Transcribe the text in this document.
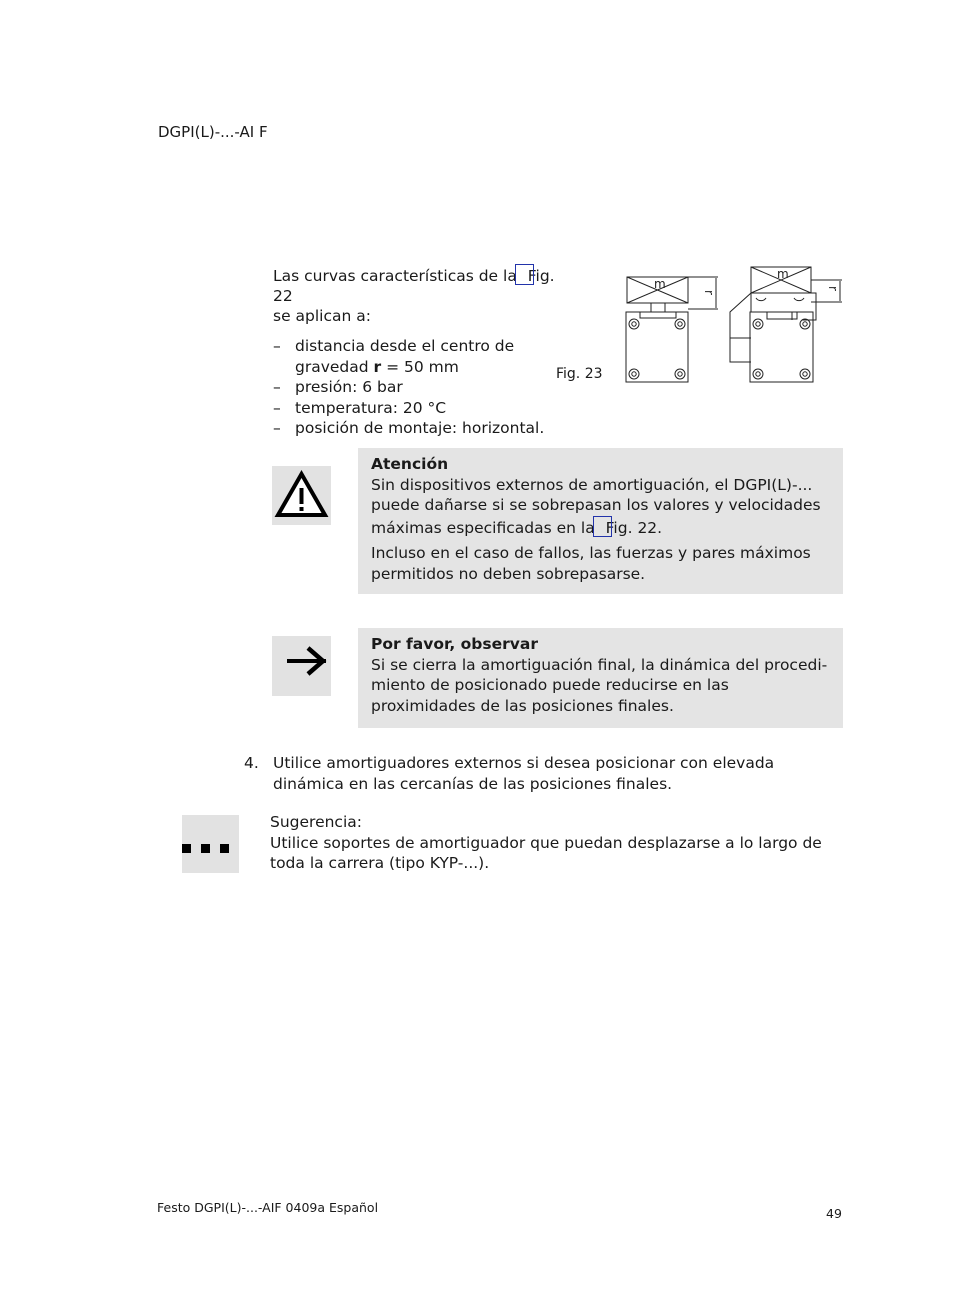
DGPI(L)-...-AI F

Las curvas características de la Fig. 22
se aplican a:

– distancia desde el centro de gravedad r = 50 mm
– presión: 6 bar
– temperatura: 20 °C
– posición de montaje: horizontal.
Fig. 23
m
m
r
r
Atención

Sin dispositivos externos de amortiguación, el DGPI(L)-... puede dañarse si se sobrepasan los valores y velocidades máximas especificadas en la Fig. 22.

Incluso en el caso de fallos, las fuerzas y pares máximos permitidos no deben sobrepasarse.

Por favor, observar

Si se cierra la amortiguación final, la dinámica del procedimiento de posicionado puede reducirse en las proximidades de las posiciones finales.

4. Utilice amortiguadores externos si desea posicionar con elevada dinámica en las cercanías de las posiciones finales.

Sugerencia:

Utilice soportes de amortiguador que puedan desplazarse a lo largo de toda la carrera (tipo KYP-...).

Festo DGPI(L)-...-AIF 0409a Español	49
